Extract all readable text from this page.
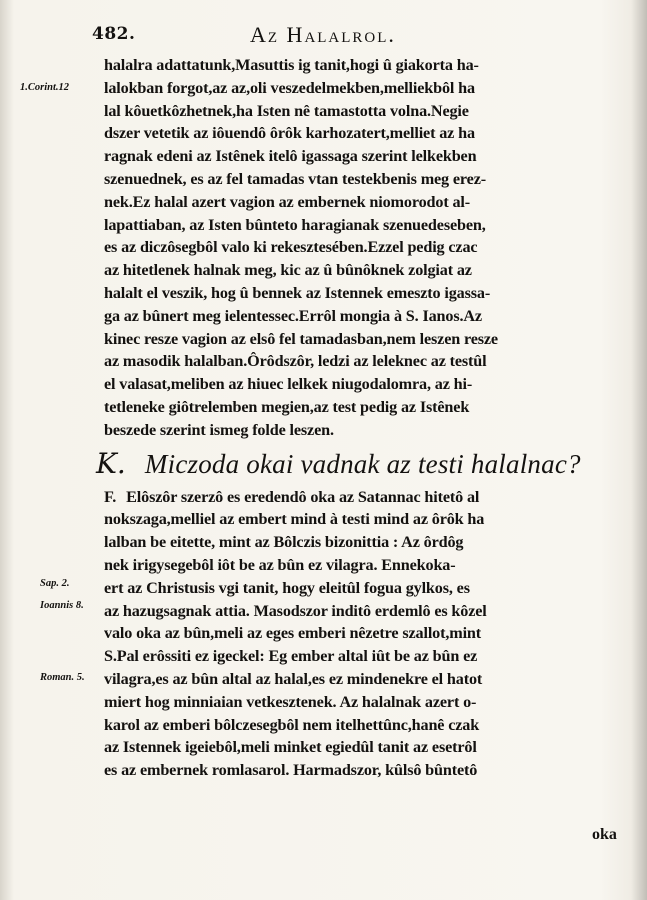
482.	Az Halalrol.
1.Corint.12
Sap. 2.
Ioannis 8.
Roman. 5.
halalra adattatunk,Masuttis ig tanit,hogi û giakorta ha-
lalokban forgot,az az,oli veszedelmekben,melliekbôl ha
lal kôuetkôzhetnek,ha Isten nê tamastotta volna.Negie
dszer vetetik az iôuendô ôrôk karhozatert,melliet az ha
ragnak edeni az Istênek itelô igassaga szerint lelkekben
szenuednek, es az fel tamadas vtan testekbenis meg erez-
nek.Ez halal azert vagion az embernek niomorodot al-
lapattiaban, az Isten bûnteto haragianak szenuedeseben,
es az diczôsegbôl valo ki rekesztesében.Ezzel pedig czac
az hitetlenek halnak meg, kic az û bûnôknek zolgiat az
halalt el veszik, hog û bennek az Istennek emeszto igassa-
ga az bûnert meg ielentessec.Errôl mongia à S. Ianos.Az
kinec resze vagion az elsô fel tamadasban,nem leszen resze
az masodik halalban.Ôrôdszôr, ledzi az leleknec az testûl
el valasat,meliben az hiuec lelkek niugodalomra, az hi-
tetleneke giôtrelemben megien,az test pedig az Istênek
beszede szerint ismeg folde leszen.
K. Miczoda okai vadnak az testi halalnac?
F. Elôszôr szerzô es eredendô oka az Satannac hitetô al
nokszaga,melliel az embert mind à testi mind az ôrôk ha
lalban be eitette, mint az Bôlczis bizonittia : Az ôrdôg
nek irigysegebôl iôt be az bûn ez vilagra. Ennekoka-
ert az Christusis vgi tanit, hogy eleitûl fogua gylkos, es
az hazugsagnak attia. Masodszor inditô erdemlô es kôzel
valo oka az bûn,meli az eges emberi nêzetre szallot,mint
S.Pal erôssiti ez igeckel: Eg ember altal iût be az bûn ez
vilagra,es az bûn altal az halal,es ez mindenekre el hatot
miert hog minniaian vetkesztenek. Az halalnak azert o-
karol az emberi bôlczesegbôl nem itelhettûnc,hanê czak
az Istennek igeiebôl,meli minket egiedûl tanit az esetrôl
es az embernek romlasarol. Harmadszor, kûlsô bûntetô
oka
